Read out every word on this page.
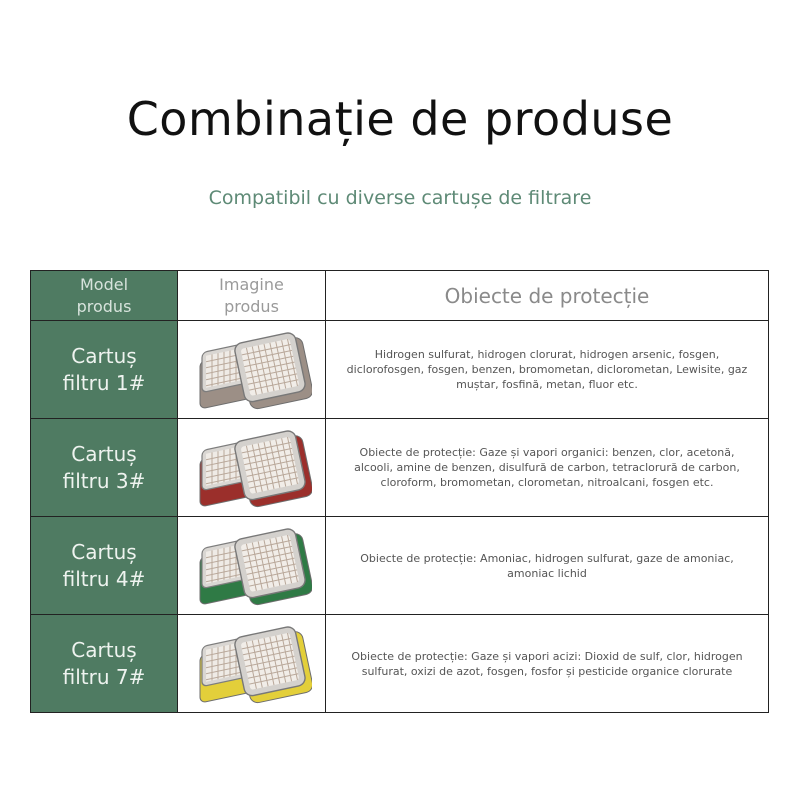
Combinație de produse
Compatibil cu diverse cartușe de filtrare
Model produs	Imagine produs	Obiecte de protecție
Cartuș filtru 1#		Hidrogen sulfurat, hidrogen clorurat, hidrogen arsenic, fosgen, diclorofosgen, fosgen, benzen, bromometan, diclorometan, Lewisite, gaz muștar, fosfină, metan, fluor etc.
Cartuș filtru 3#		Obiecte de protecție: Gaze și vapori organici: benzen, clor, acetonă, alcooli, amine de benzen, disulfură de carbon, tetraclorură de carbon, cloroform, bromometan, clorometan, nitroalcani, fosgen etc.
Cartuș filtru 4#		Obiecte de protecție: Amoniac, hidrogen sulfurat, gaze de amoniac, amoniac lichid
Cartuș filtru 7#		Obiecte de protecție: Gaze și vapori acizi: Dioxid de sulf, clor, hidrogen sulfurat, oxizi de azot, fosgen, fosfor și pesticide organice clorurate
